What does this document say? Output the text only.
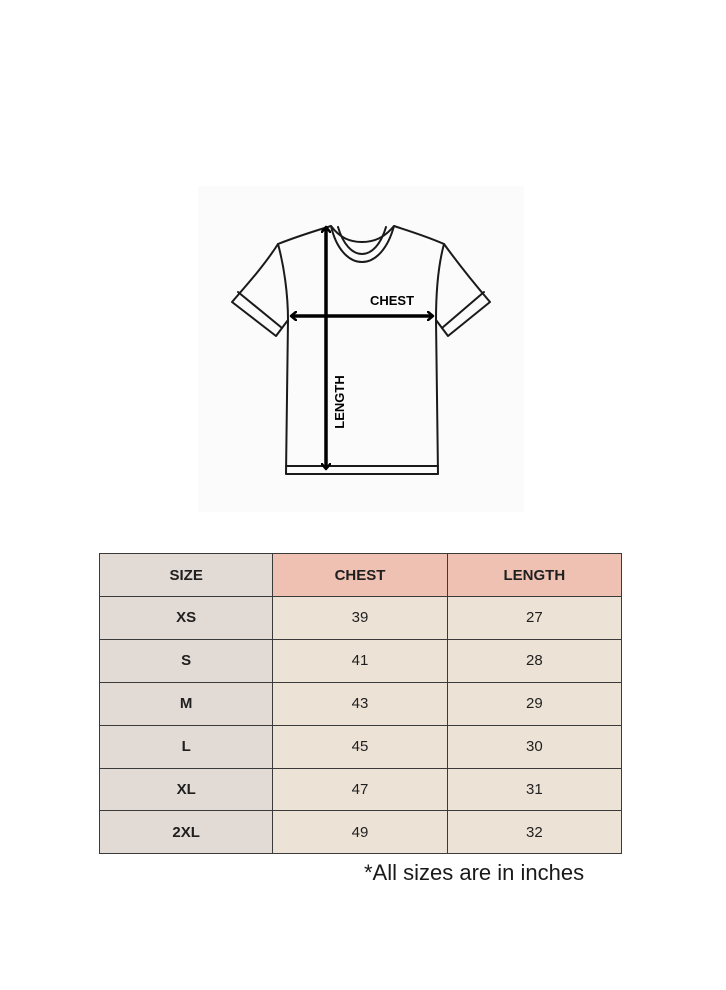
CHEST
LENGTH
SIZE	CHEST	LENGTH
XS	39	27
S	41	28
M	43	29
L	45	30
XL	47	31
2XL	49	32
*All sizes are in inches
